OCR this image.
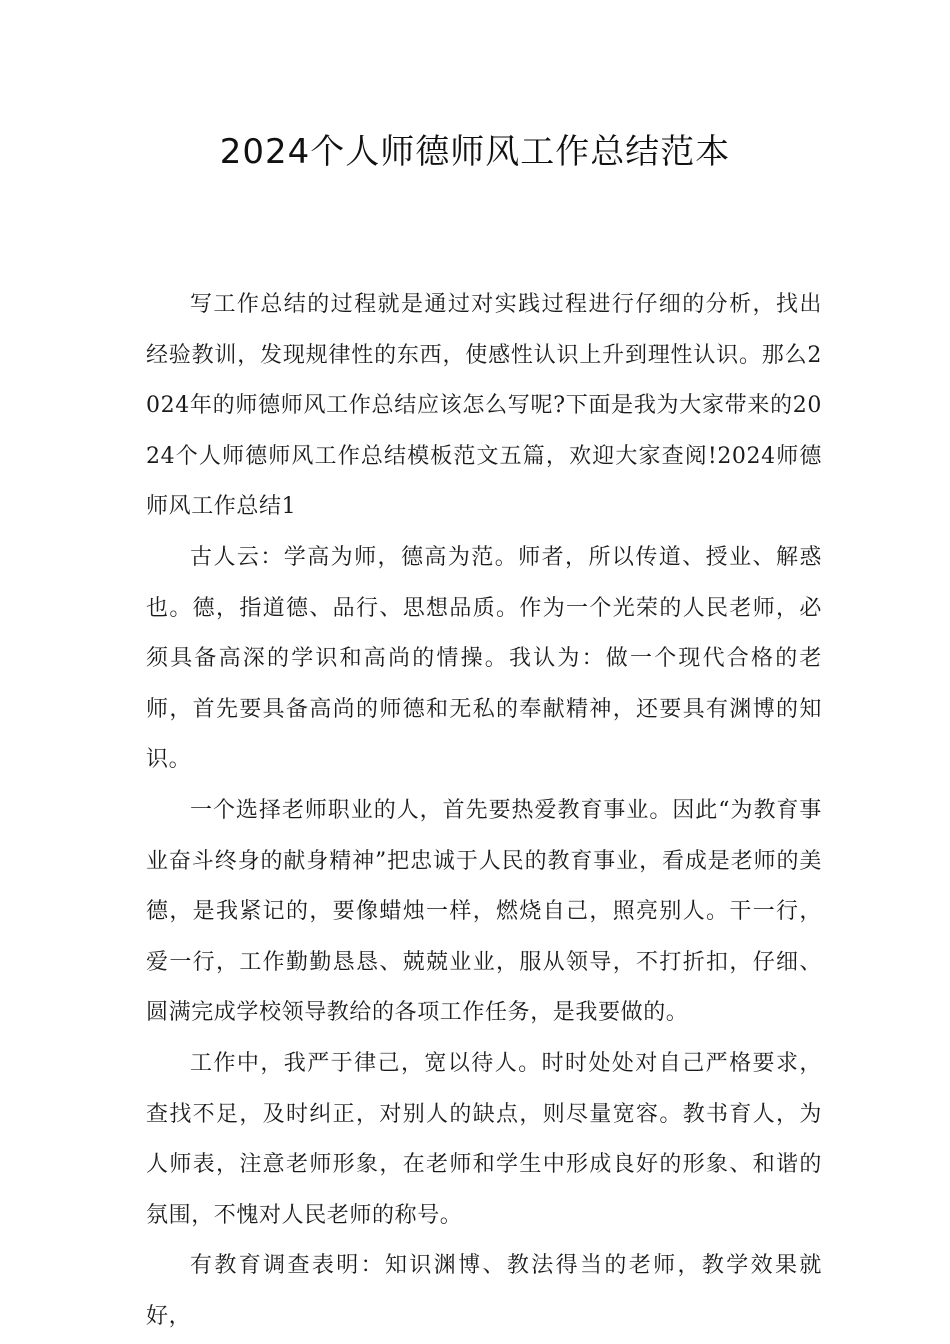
2024个人师德师风工作总结范本

写工作总结的过程就是通过对实践过程进行仔细的分析，找出经验教训，发现规律性的东西，使感性认识上升到理性认识。那么2024年的师德师风工作总结应该怎么写呢?下面是我为大家带来的2024个人师德师风工作总结模板范文五篇，欢迎大家查阅!2024师德师风工作总结1

古人云：学高为师，德高为范。师者，所以传道、授业、解惑也。德，指道德、品行、思想品质。作为一个光荣的人民老师，必须具备高深的学识和高尚的情操。我认为：做一个现代合格的老师，首先要具备高尚的师德和无私的奉献精神，还要具有渊博的知识。

一个选择老师职业的人，首先要热爱教育事业。因此“为教育事业奋斗终身的献身精神”把忠诚于人民的教育事业，看成是老师的美德，是我紧记的，要像蜡烛一样，燃烧自己，照亮别人。干一行，爱一行，工作勤勤恳恳、兢兢业业，服从领导，不打折扣，仔细、圆满完成学校领导教给的各项工作任务，是我要做的。

工作中，我严于律己，宽以待人。时时处处对自己严格要求，查找不足，及时纠正，对别人的缺点，则尽量宽容。教书育人，为人师表，注意老师形象，在老师和学生中形成良好的形象、和谐的氛围，不愧对人民老师的称号。

有教育调查表明：知识渊博、教法得当的老师，教学效果就好，
